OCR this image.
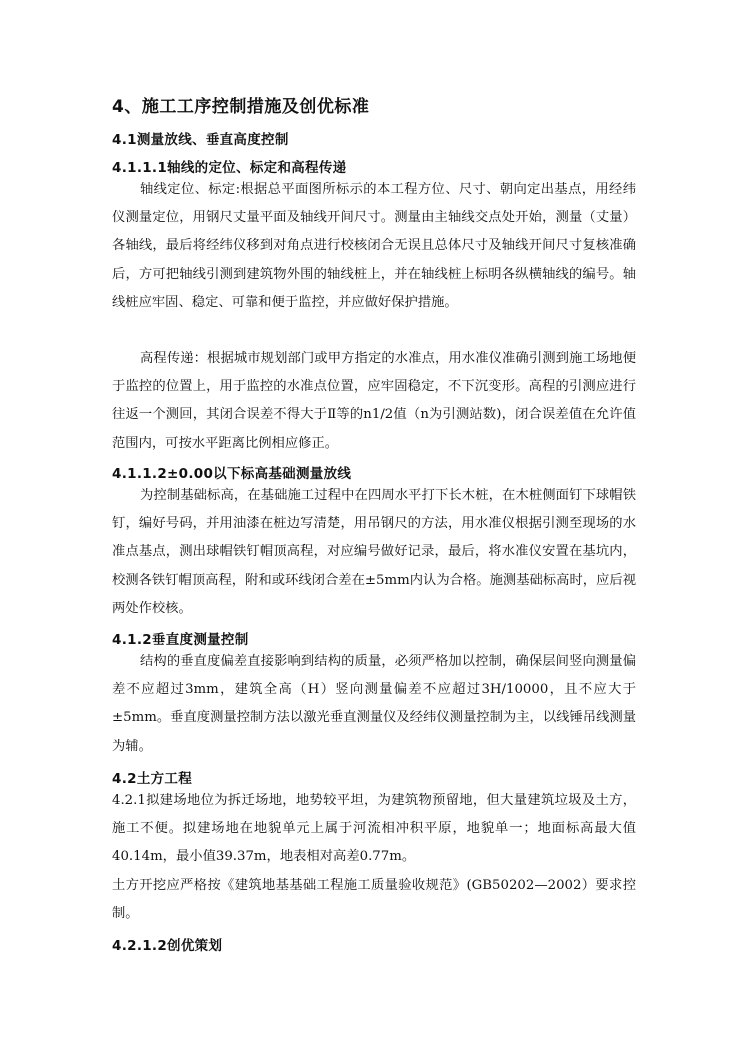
4、施工工序控制措施及创优标准
4.1测量放线、垂直高度控制
4.1.1.1轴线的定位、标定和高程传递
轴线定位、标定:根据总平面图所标示的本工程方位、尺寸、朝向定出基点，用经纬仪测量定位，用钢尺丈量平面及轴线开间尺寸。测量由主轴线交点处开始，测量（丈量）各轴线，最后将经纬仪移到对角点进行校核闭合无误且总体尺寸及轴线开间尺寸复核准确后，方可把轴线引测到建筑物外围的轴线桩上，并在轴线桩上标明各纵横轴线的编号。轴线桩应牢固、稳定、可靠和便于监控，并应做好保护措施。
高程传递：根据城市规划部门或甲方指定的水准点，用水准仪准确引测到施工场地便于监控的位置上，用于监控的水准点位置，应牢固稳定，不下沉变形。高程的引测应进行往返一个测回，其闭合误差不得大于Ⅱ等的n1/2值（n为引测站数)，闭合误差值在允许值范围内，可按水平距离比例相应修正。
4.1.1.2±0.00以下标高基础测量放线
为控制基础标高，在基础施工过程中在四周水平打下长木桩，在木桩侧面钉下球帽铁钉，编好号码，并用油漆在桩边写清楚，用吊钢尺的方法，用水准仪根据引测至现场的水准点基点，测出球帽铁钉帽顶高程，对应编号做好记录，最后，将水准仪安置在基坑内，校测各铁钉帽顶高程，附和或环线闭合差在±5mm内认为合格。施测基础标高时，应后视两处作校核。
4.1.2垂直度测量控制
结构的垂直度偏差直接影响到结构的质量，必须严格加以控制，确保层间竖向测量偏差不应超过3mm，建筑全高（H）竖向测量偏差不应超过3H/10000，且不应大于±5mm。垂直度测量控制方法以激光垂直测量仪及经纬仪测量控制为主，以线锤吊线测量为辅。
4.2土方工程
4.2.1拟建场地位为拆迁场地，地势较平坦，为建筑物预留地，但大量建筑垃圾及土方，施工不便。拟建场地在地貌单元上属于河流相冲积平原，地貌单一；地面标高最大值40.14m，最小值39.37m，地表相对高差0.77m。
土方开挖应严格按《建筑地基基础工程施工质量验收规范》(GB50202—2002）要求控制。
4.2.1.2创优策划
